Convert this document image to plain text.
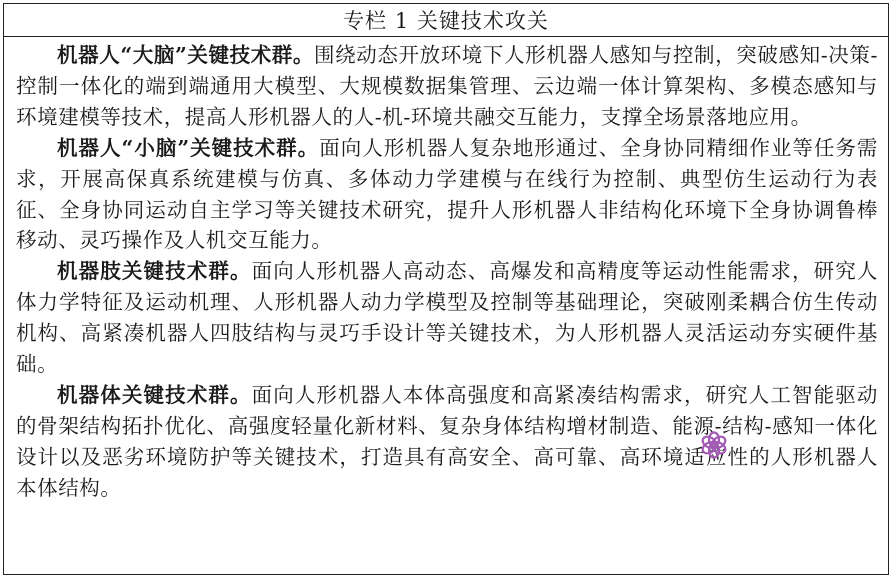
专栏 1 关键技术攻关

机器人“大脑”关键技术群。围绕动态开放环境下人形机器人感知与控制，突破感知-决策-控制一体化的端到端通用大模型、大规模数据集管理、云边端一体计算架构、多模态感知与环境建模等技术，提高人形机器人的人-机-环境共融交互能力，支撑全场景落地应用。

机器人“小脑”关键技术群。面向人形机器人复杂地形通过、全身协同精细作业等任务需求，开展高保真系统建模与仿真、多体动力学建模与在线行为控制、典型仿生运动行为表征、全身协同运动自主学习等关键技术研究，提升人形机器人非结构化环境下全身协调鲁棒移动、灵巧操作及人机交互能力。

机器肢关键技术群。面向人形机器人高动态、高爆发和高精度等运动性能需求，研究人体力学特征及运动机理、人形机器人动力学模型及控制等基础理论，突破刚柔耦合仿生传动机构、高紧凑机器人四肢结构与灵巧手设计等关键技术，为人形机器人灵活运动夯实硬件基础。

机器体关键技术群。面向人形机器人本体高强度和高紧凑结构需求，研究人工智能驱动的骨架结构拓扑优化、高强度轻量化新材料、复杂身体结构增材制造、能源-结构-感知一体化设计以及恶劣环境防护等关键技术，打造具有高安全、高可靠、高环境适应性的人形机器人本体结构。
